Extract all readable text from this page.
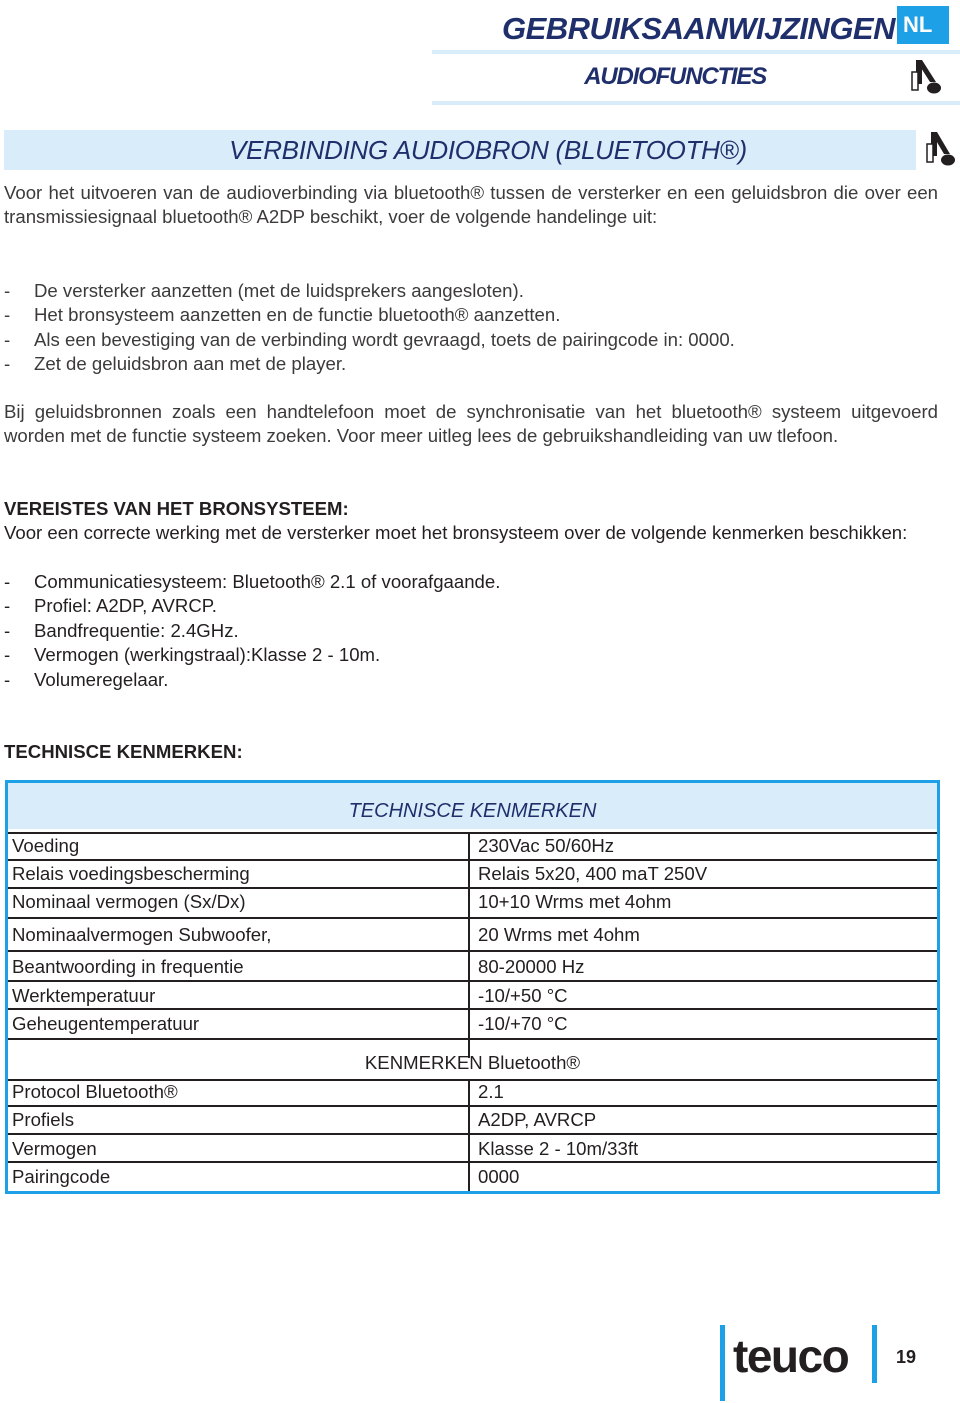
GEBRUIKSAANWIJZINGEN NL
AUDIOFUNCTIES
VERBINDING AUDIOBRON (BLUETOOTH®)
Voor het uitvoeren van de audioverbinding via bluetooth® tussen de versterker en een geluidsbron die over een transmissiesignaal bluetooth® A2DP beschikt, voer de volgende handelinge uit:
- De versterker aanzetten (met de luidsprekers aangesloten).
- Het bronsysteem aanzetten en de functie bluetooth® aanzetten.
- Als een bevestiging van de verbinding wordt gevraagd, toets de pairingcode in: 0000.
- Zet de geluidsbron aan met de player.
Bij geluidsbronnen zoals een handtelefoon moet de synchronisatie van het bluetooth® systeem uitgevoerd worden met de functie systeem zoeken. Voor meer uitleg lees de gebruikshandleiding van uw tlefoon.
VEREISTES VAN HET BRONSYSTEEM:
Voor een correcte werking met de versterker moet het bronsysteem over de volgende kenmerken beschikken:
- Communicatiesysteem: Bluetooth® 2.1 of voorafgaande.
- Profiel: A2DP, AVRCP.
- Bandfrequentie: 2.4GHz.
- Vermogen (werkingstraal):Klasse 2 - 10m.
- Volumeregelaar.
TECHNISCE KENMERKEN:
TECHNISCE KENMERKEN
Voeding	230Vac 50/60Hz
Relais voedingsbescherming	Relais 5x20, 400 maT 250V
Nominaal vermogen (Sx/Dx)	10+10 Wrms met 4ohm
Nominaalvermogen Subwoofer,	20 Wrms met 4ohm
Beantwoording in frequentie	80-20000 Hz
Werktemperatuur	-10/+50 °C
Geheugentemperatuur	-10/+70 °C
KENMERKEN Bluetooth®
Protocol Bluetooth®	2.1
Profiels	A2DP, AVRCP
Vermogen	Klasse 2 - 10m/33ft
Pairingcode	0000
teuco	19
